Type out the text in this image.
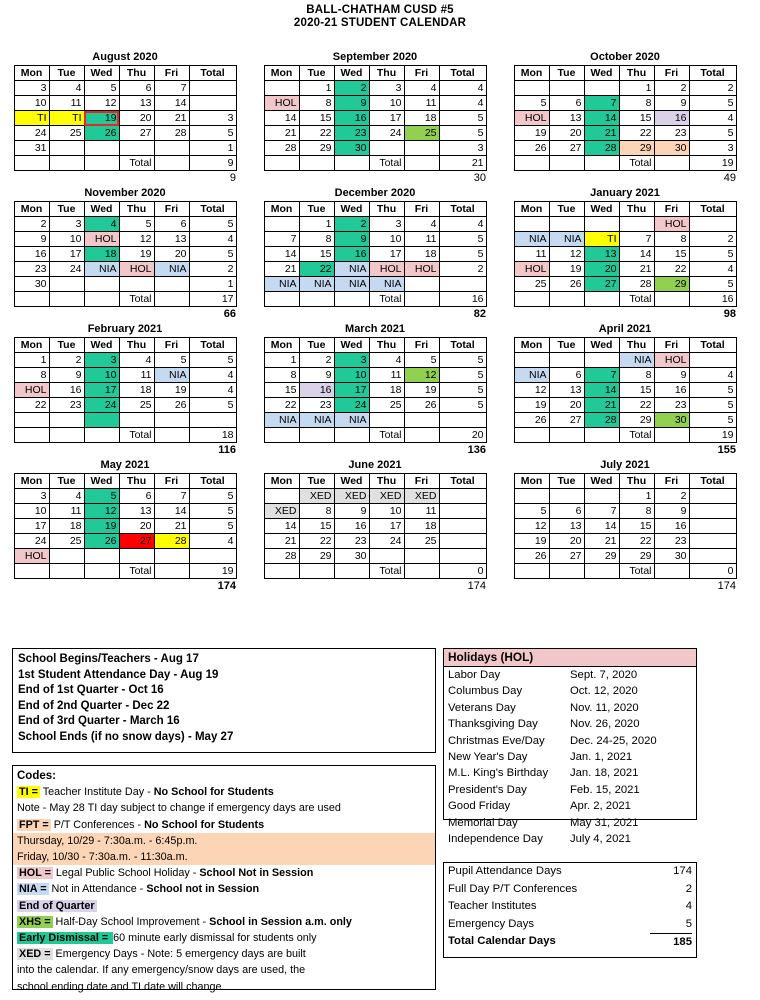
BALL-CHATHAM CUSD #5
2020-21 STUDENT CALENDAR
August 2020
Mon	Tue	Wed	Thu	Fri	Total
3	4	5	6	7	
10	11	12	13	14	
TI	TI	19	20	21	3
24	25	26	27	28	5
31					1
			Total		9
9
September 2020
Mon	Tue	Wed	Thu	Fri	Total
	1	2	3	4	4
HOL	8	9	10	11	4
14	15	16	17	18	5
21	22	23	24	25	5
28	29	30			3
			Total		21
30
October 2020
Mon	Tue	Wed	Thu	Fri	Total
			1	2	2
5	6	7	8	9	5
HOL	13	14	15	16	4
19	20	21	22	23	5
26	27	28	29	30	3
			Total		19
49
November 2020
Mon	Tue	Wed	Thu	Fri	Total
2	3	4	5	6	5
9	10	HOL	12	13	4
16	17	18	19	20	5
23	24	NIA	HOL	NIA	2
30					1
			Total		17
66
December 2020
Mon	Tue	Wed	Thu	Fri	Total
	1	2	3	4	4
7	8	9	10	11	5
14	15	16	17	18	5
21	22	NIA	HOL	HOL	2
NIA	NIA	NIA	NIA		
			Total		16
82
January 2021
Mon	Tue	Wed	Thu	Fri	Total
				HOL	
NIA	NIA	TI	7	8	2
11	12	13	14	15	5
HOL	19	20	21	22	4
25	26	27	28	29	5
			Total		16
98
February 2021
Mon	Tue	Wed	Thu	Fri	Total
1	2	3	4	5	5
8	9	10	11	NIA	4
HOL	16	17	18	19	4
22	23	24	25	26	5

			Total		18
116
March 2021
Mon	Tue	Wed	Thu	Fri	Total
1	2	3	4	5	5
8	9	10	11	12	5
15	16	17	18	19	5
22	23	24	25	26	5
NIA	NIA	NIA			
			Total		20
136
April 2021
Mon	Tue	Wed	Thu	Fri	Total
			NIA	HOL	
NIA	6	7	8	9	4
12	13	14	15	16	5
19	20	21	22	23	5
26	27	28	29	30	5
			Total		19
155
May 2021
Mon	Tue	Wed	Thu	Fri	Total
3	4	5	6	7	5
10	11	12	13	14	5
17	18	19	20	21	5
24	25	26	27	28	4
HOL					
			Total		19
174
June 2021
Mon	Tue	Wed	Thu	Fri	Total
	XED	XED	XED	XED	
XED	8	9	10	11	
14	15	16	17	18	
21	22	23	24	25	
28	29	30			
			Total		0
174
July 2021
Mon	Tue	Wed	Thu	Fri	Total
			1	2	
5	6	7	8	9	
12	13	14	15	16	
19	20	21	22	23	
26	27	29	29	30	
			Total		0
174
School Begins/Teachers - Aug 17
1st Student Attendance Day - Aug 19
End of 1st Quarter - Oct 16
End of 2nd Quarter - Dec 22
End of 3rd Quarter - March 16
School Ends (if no snow days) - May 27
Codes:
TI = Teacher Institute Day - No School for Students
Note - May 28 TI day subject to change if emergency days are used
FPT = P/T Conferences - No School for Students
Thursday, 10/29 - 7:30a.m. - 6:45p.m.
Friday, 10/30 - 7:30a.m. - 11:30a.m.
HOL = Legal Public School Holiday - School Not in Session
NIA = Not in Attendance - School not in Session
End of Quarter
XHS = Half-Day School Improvement - School in Session a.m. only
Early Dismissal = 60 minute early dismissal for students only
XED = Emergency Days - Note: 5 emergency days are built
into the calendar. If any emergency/snow days are used, the
school ending date and TI date will change.
Holidays (HOL)
Labor Day	Sept. 7, 2020
Columbus Day	Oct. 12, 2020
Veterans Day	Nov. 11, 2020
Thanksgiving Day	Nov. 26, 2020
Christmas Eve/Day	Dec. 24-25, 2020
New Year's Day	Jan. 1, 2021
M.L. King's Birthday	Jan. 18, 2021
President's Day	Feb. 15, 2021
Good Friday	Apr. 2, 2021
Memorial Day	May 31, 2021
Independence Day	July 4, 2021
Pupil Attendance Days	174
Full Day P/T Conferences	2
Teacher Institutes	4
Emergency Days	5
Total Calendar Days	185
